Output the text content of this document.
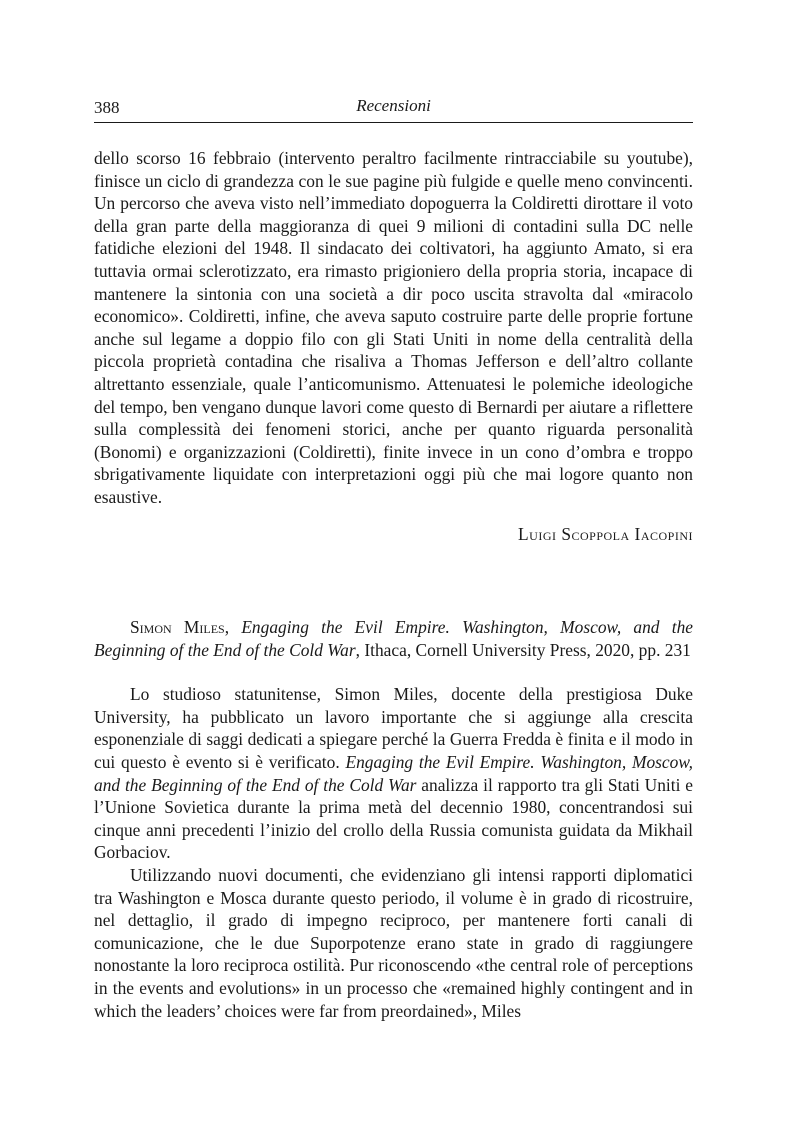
388	Recensioni

dello scorso 16 febbraio (intervento peraltro facilmente rintracciabile su youtube), finisce un ciclo di grandezza con le sue pagine più fulgide e quelle meno convincenti. Un percorso che aveva visto nell’immediato dopoguerra la Coldiretti dirottare il voto della gran parte della maggioranza di quei 9 milioni di contadini sulla DC nelle fatidiche elezioni del 1948. Il sindacato dei coltivatori, ha aggiunto Amato, si era tuttavia ormai sclerotizzato, era rimasto prigioniero della propria storia, incapace di mantenere la sintonia con una società a dir poco uscita stravolta dal «miracolo economico». Coldiretti, infine, che aveva saputo costruire parte delle proprie fortune anche sul legame a doppio filo con gli Stati Uniti in nome della centralità della piccola proprietà contadina che risaliva a Thomas Jefferson e dell’altro collante altrettanto essenziale, quale l’anticomunismo. Attenuatesi le polemiche ideologiche del tempo, ben vengano dunque lavori come questo di Bernardi per aiutare a riflettere sulla complessità dei fenomeni storici, anche per quanto riguarda personalità (Bonomi) e organizzazioni (Coldiretti), finite invece in un cono d’ombra e troppo sbrigativamente liquidate con interpretazioni oggi più che mai logore quanto non esaustive.

Luigi Scoppola Iacopini

Simon Miles, Engaging the Evil Empire. Washington, Moscow, and the Beginning of the End of the Cold War, Ithaca, Cornell University Press, 2020, pp. 231

Lo studioso statunitense, Simon Miles, docente della prestigiosa Duke University, ha pubblicato un lavoro importante che si aggiunge alla crescita esponenziale di saggi dedicati a spiegare perché la Guerra Fredda è finita e il modo in cui questo è evento si è verificato. Engaging the Evil Empire. Washington, Moscow, and the Beginning of the End of the Cold War analizza il rapporto tra gli Stati Uniti e l’Unione Sovietica durante la prima metà del decennio 1980, concentrandosi sui cinque anni precedenti l’inizio del crollo della Russia comunista guidata da Mikhail Gorbaciov.

Utilizzando nuovi documenti, che evidenziano gli intensi rapporti diplomatici tra Washington e Mosca durante questo periodo, il volume è in grado di ricostruire, nel dettaglio, il grado di impegno reciproco, per mantenere forti canali di comunicazione, che le due Suporpotenze erano state in grado di raggiungere nonostante la loro reciproca ostilità. Pur riconoscendo «the central role of perceptions in the events and evolutions» in un processo che «remained highly contingent and in which the leaders’ choices were far from preordained», Miles
